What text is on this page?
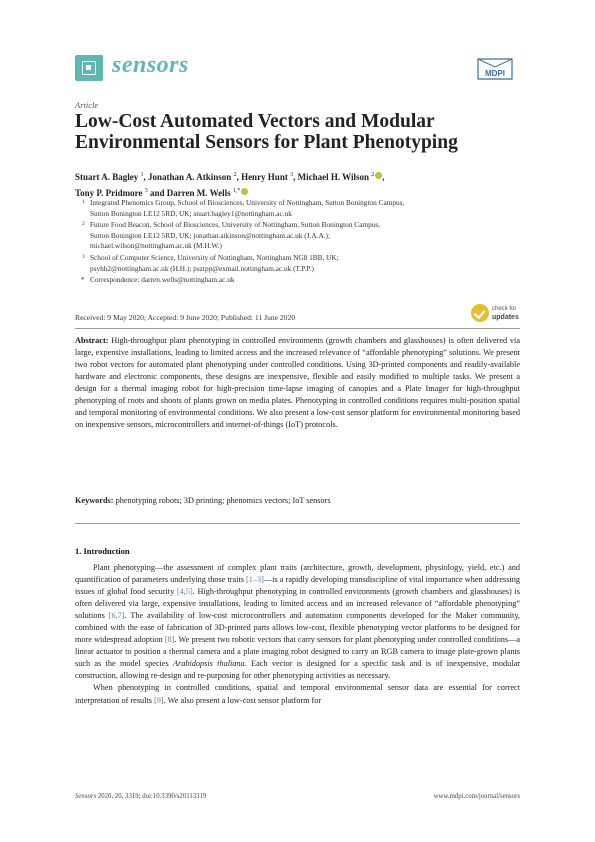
sensors	MDPI
Article
Low-Cost Automated Vectors and Modular Environmental Sensors for Plant Phenotyping
Stuart A. Bagley $^1$, Jonathan A. Atkinson $^2$, Henry Hunt $^3$, Michael H. Wilson $^2$ ,
Tony P. Pridmore $^3$ and Darren M. Wells $^{1,*}$
1 Integrated Phenomics Group, School of Biosciences, University of Nottingham, Sutton Bonington Campus,
Sutton Bonington LE12 5RD, UK; stuart.bagley1@nottingham.ac.uk
2 Future Food Beacon, School of Biosciences, University of Nottingham, Sutton Bonington Campus,
Sutton Bonington LE12 5RD, UK; jonathan.atkinson@nottingham.ac.uk (J.A.A.);
michael.wilson@nottingham.ac.uk (M.H.W.)
3 School of Computer Science, University of Nottingham, Nottingham NG8 1BB, UK;
psyhh2@nottingham.ac.uk (H.H.); psztpp@exmail.nottingham.ac.uk (T.P.P.)
* Correspondence: darren.wells@nottingham.ac.uk
check for
updates
Received: 9 May 2020; Accepted: 9 June 2020; Published: 11 June 2020
Abstract: High-throughput plant phenotyping in controlled environments (growth chambers and glasshouses) is often delivered via large, expensive installations, leading to limited access and the increased relevance of “affordable phenotyping” solutions. We present two robot vectors for automated plant phenotyping under controlled conditions. Using 3D-printed components and readily-available hardware and electronic components, these designs are inexpensive, flexible and easily modified to multiple tasks. We present a design for a thermal imaging robot for high-precision time-lapse imaging of canopies and a Plate Imager for high-throughput phenotyping of roots and shoots of plants grown on media plates. Phenotyping in controlled conditions requires multi-position spatial and temporal monitoring of environmental conditions. We also present a low-cost sensor platform for environmental monitoring based on inexpensive sensors, microcontrollers and internet-of-things (IoT) protocols.
Keywords: phenotyping robots; 3D printing; phenomics vectors; IoT sensors
1. Introduction

Plant phenotyping—the assessment of complex plant traits (architecture, growth, development, physiology, yield, etc.) and quantification of parameters underlying those traits [1–3]—is a rapidly developing transdiscipline of vital importance when addressing issues of global food security [4,5]. High-throughput phenotyping in controlled environments (growth chambers and glasshouses) is often delivered via large, expensive installations, leading to limited access and an increased relevance of “affordable phenotyping” solutions [6,7]. The availability of low-cost microcontrollers and automation components developed for the Maker community, combined with the ease of fabrication of 3D-printed parts allows low-cost, flexible phenotyping vector platforms to be designed for more widespread adoption [8]. We present two robotic vectors that carry sensors for plant phenotyping under controlled conditions—a linear actuator to position a thermal camera and a plate imaging robot designed to carry an RGB camera to image plate-grown plants such as the model species Arabidopsis thaliana. Each vector is designed for a specific task and is of inexpensive, modular construction, allowing re-design and re-purposing for other phenotyping activities as necessary.

When phenotyping in controlled conditions, spatial and temporal environmental sensor data are essential for correct interpretation of results [9]. We also present a low-cost sensor platform for

Sensors 2020, 20, 3319; doi:10.3390/s20113319	www.mdpi.com/journal/sensors
